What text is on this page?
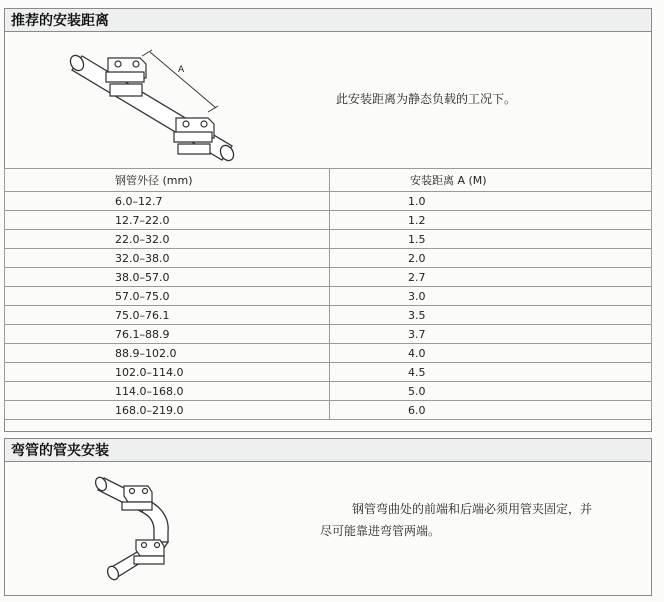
推荐的安装距离
A
此安装距离为静态负载的工况下。
钢管外径 (mm)	安装距离 A (M)
6.0–12.7	1.0
12.7–22.0	1.2
22.0–32.0	1.5
32.0–38.0	2.0
38.0–57.0	2.7
57.0–75.0	3.0
75.0–76.1	3.5
76.1–88.9	3.7
88.9–102.0	4.0
102.0–114.0	4.5
114.0–168.0	5.0
168.0–219.0	6.0
弯管的管夹安装
钢管弯曲处的前端和后端必须用管夹固定，并
尽可能靠进弯管两端。
